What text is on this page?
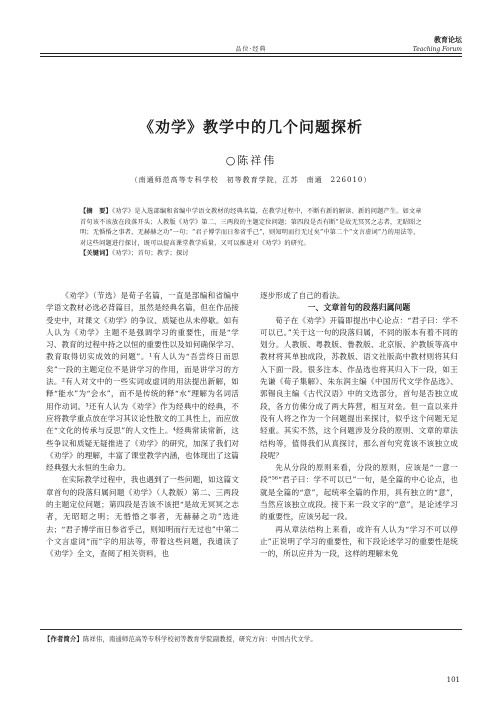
品位·经典
教育论坛
Teaching Forum
《劝学》教学中的几个问题探析
○陈祥伟
（南通师范高等专科学校　初等教育学院，江苏　南通　226010）

【摘　要】《劝学》是入选部编和省编中学语文教材的经典名篇，在教学过程中，不断有新的解读、新的问题产生。如文章首句该不该放在段落开头；人教版《劝学》第二、三两段的主题定位问题；第四段是否有断“是故无冥冥之志者，无昭昭之明；无惛惛之事者，无赫赫之功”一句；“君子博学而日参省乎己”，则知明而行无过矣”中第二个“文言虚词”乃的用法等，对这些问题进行探讨，既可以提高课堂教学质量，又可以推进对《劝学》的研究。

【关键词】《劝学》；首句；教学；探讨

《劝学》（节选）是荀子名篇，一直是部编和省编中学语文教材必选必背篇目，虽然是经典名篇，但在作品接受史中，对课文《劝学》的争议、质疑也从未停歇。如有人认为《劝学》主题不是强调学习的重要性，而是“学习、教育的过程中持之以恒的重要性以及如何确保学习、教育取得切实成效的问题”。¹有人认为“吾尝终日而思矣”一段的主题定位不是讲学习的作用，而是讲学习的方法。²有人对文中的一些实词或虚词的用法提出新解，如释“能水”为“会水”，而不是传统的释“水”理解为名词活用作动词。³还有人认为《劝学》作为经典中的经典，不应将教学重点放在学习其议论性散文的工具性上，而应放在“文化的传承与反思”的人文性上。⁴经典常读常新，这些争议和质疑无疑推进了《劝学》的研究，加深了我们对《劝学》的理解，丰富了课堂教学内涵，也体现出了这篇经典强大永恒的生命力。

在实际教学过程中，我也遇到了一些问题，如这篇文章首句的段落归属问题《劝学》（人教版）第二、三两段的主题定位问题；第四段是否该不该把“是故无冥冥之志者，无昭昭之明；无惛惛之事者，无赫赫之功”选进去；“君子博学而日参省乎己，则知明而行无过也”中第二个文言虚词“而”字的用法等，带着这些问题，我通读了《劝学》全文，查阅了相关资料，也

逐步形成了自己的看法。

一、文章首句的段落归属问题

荀子在《劝学》开篇即提出中心论点：“君子曰：学不可以已。”关于这一句的段落归属，不同的版本有着不同的划分。人教版、粤教版、鲁教版、北京版、沪教版等高中教材将其单独成段，苏教版、语文社版高中教材则将其归入下面一段。很多注本、作品选也将其归入下一段，如王先谦《荀子集解》、朱东润主编《中国历代文学作品选》、郭锡良主编《古代汉语》中的文选部分，首句是否独立成段，各方仿佛分成了两大阵营，相互对垒。但一直以来并没有人将之作为一个问题提出来探讨，似乎这个问题无足轻重。其实不然，这个问题涉及分段的原则、文章的章法结构等，值得我们从真探讨，那么首句究竟该不该独立成段呢？

先从分段的原则来看，分段的原则，应该是“一意一段”⁵⁶“君子曰：学不可以已”一句，是全篇的中心论点，也就是全篇的“意”，起统率全篇的作用，具有独立的“意”，当然应该独立成段。接下来一段文字的“意”，是论述学习的重要性，应该另起一段。

再从章法结构上来看，或许有人认为“学习不可以停止”正说明了学习的重要性，和下段论述学习的重要性是统一的，所以应并为一段，这样的理解未免

【作者简介】陈祥伟，南通师范高等专科学校初等教育学院副教授，研究方向：中国古代文学。
101
